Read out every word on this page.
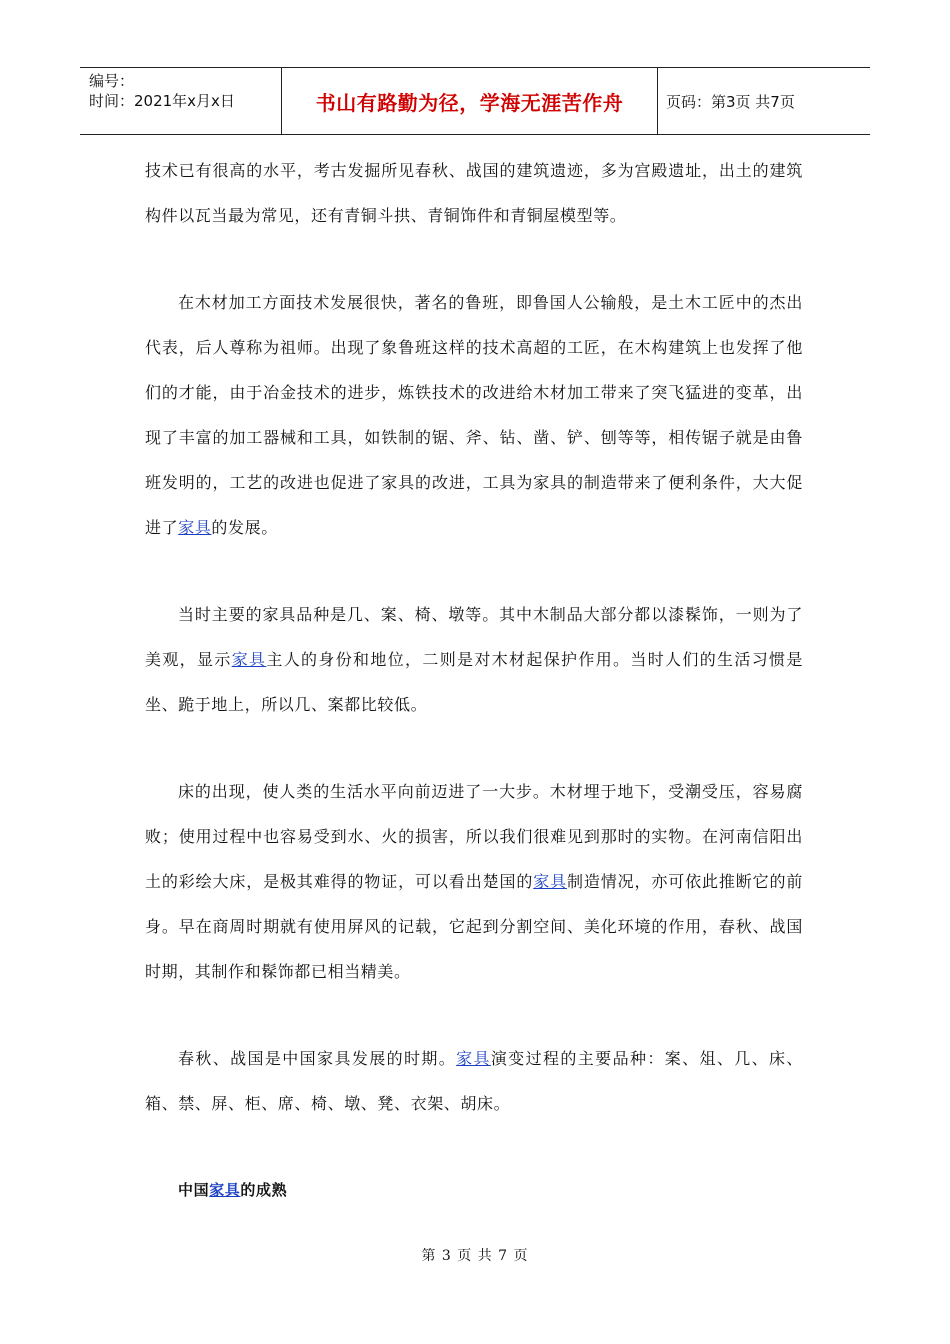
编号：
时间：2021年x月x日	书山有路勤为径，学海无涯苦作舟	页码：第3页 共7页

技术已有很高的水平，考古发掘所见春秋、战国的建筑遗迹，多为宫殿遗址，出土的建筑构件以瓦当最为常见，还有青铜斗拱、青铜饰件和青铜屋模型等。

在木材加工方面技术发展很快，著名的鲁班，即鲁国人公输般，是土木工匠中的杰出代表，后人尊称为祖师。出现了象鲁班这样的技术高超的工匠，在木构建筑上也发挥了他们的才能，由于冶金技术的进步，炼铁技术的改进给木材加工带来了突飞猛进的变革，出现了丰富的加工器械和工具，如铁制的锯、斧、钻、凿、铲、刨等等，相传锯子就是由鲁班发明的，工艺的改进也促进了家具的改进，工具为家具的制造带来了便利条件，大大促进了家具的发展。

当时主要的家具品种是几、案、椅、墩等。其中木制品大部分都以漆髹饰，一则为了美观，显示家具主人的身份和地位，二则是对木材起保护作用。当时人们的生活习惯是坐、跪于地上，所以几、案都比较低。

床的出现，使人类的生活水平向前迈进了一大步。木材埋于地下，受潮受压，容易腐败；使用过程中也容易受到水、火的损害，所以我们很难见到那时的实物。在河南信阳出土的彩绘大床，是极其难得的物证，可以看出楚国的家具制造情况，亦可依此推断它的前身。早在商周时期就有使用屏风的记载，它起到分割空间、美化环境的作用，春秋、战国时期，其制作和髹饰都已相当精美。

春秋、战国是中国家具发展的时期。家具演变过程的主要品种：案、俎、几、床、箱、禁、屏、柜、席、椅、墩、凳、衣架、胡床。

中国家具的成熟

第 3 页 共 7 页
